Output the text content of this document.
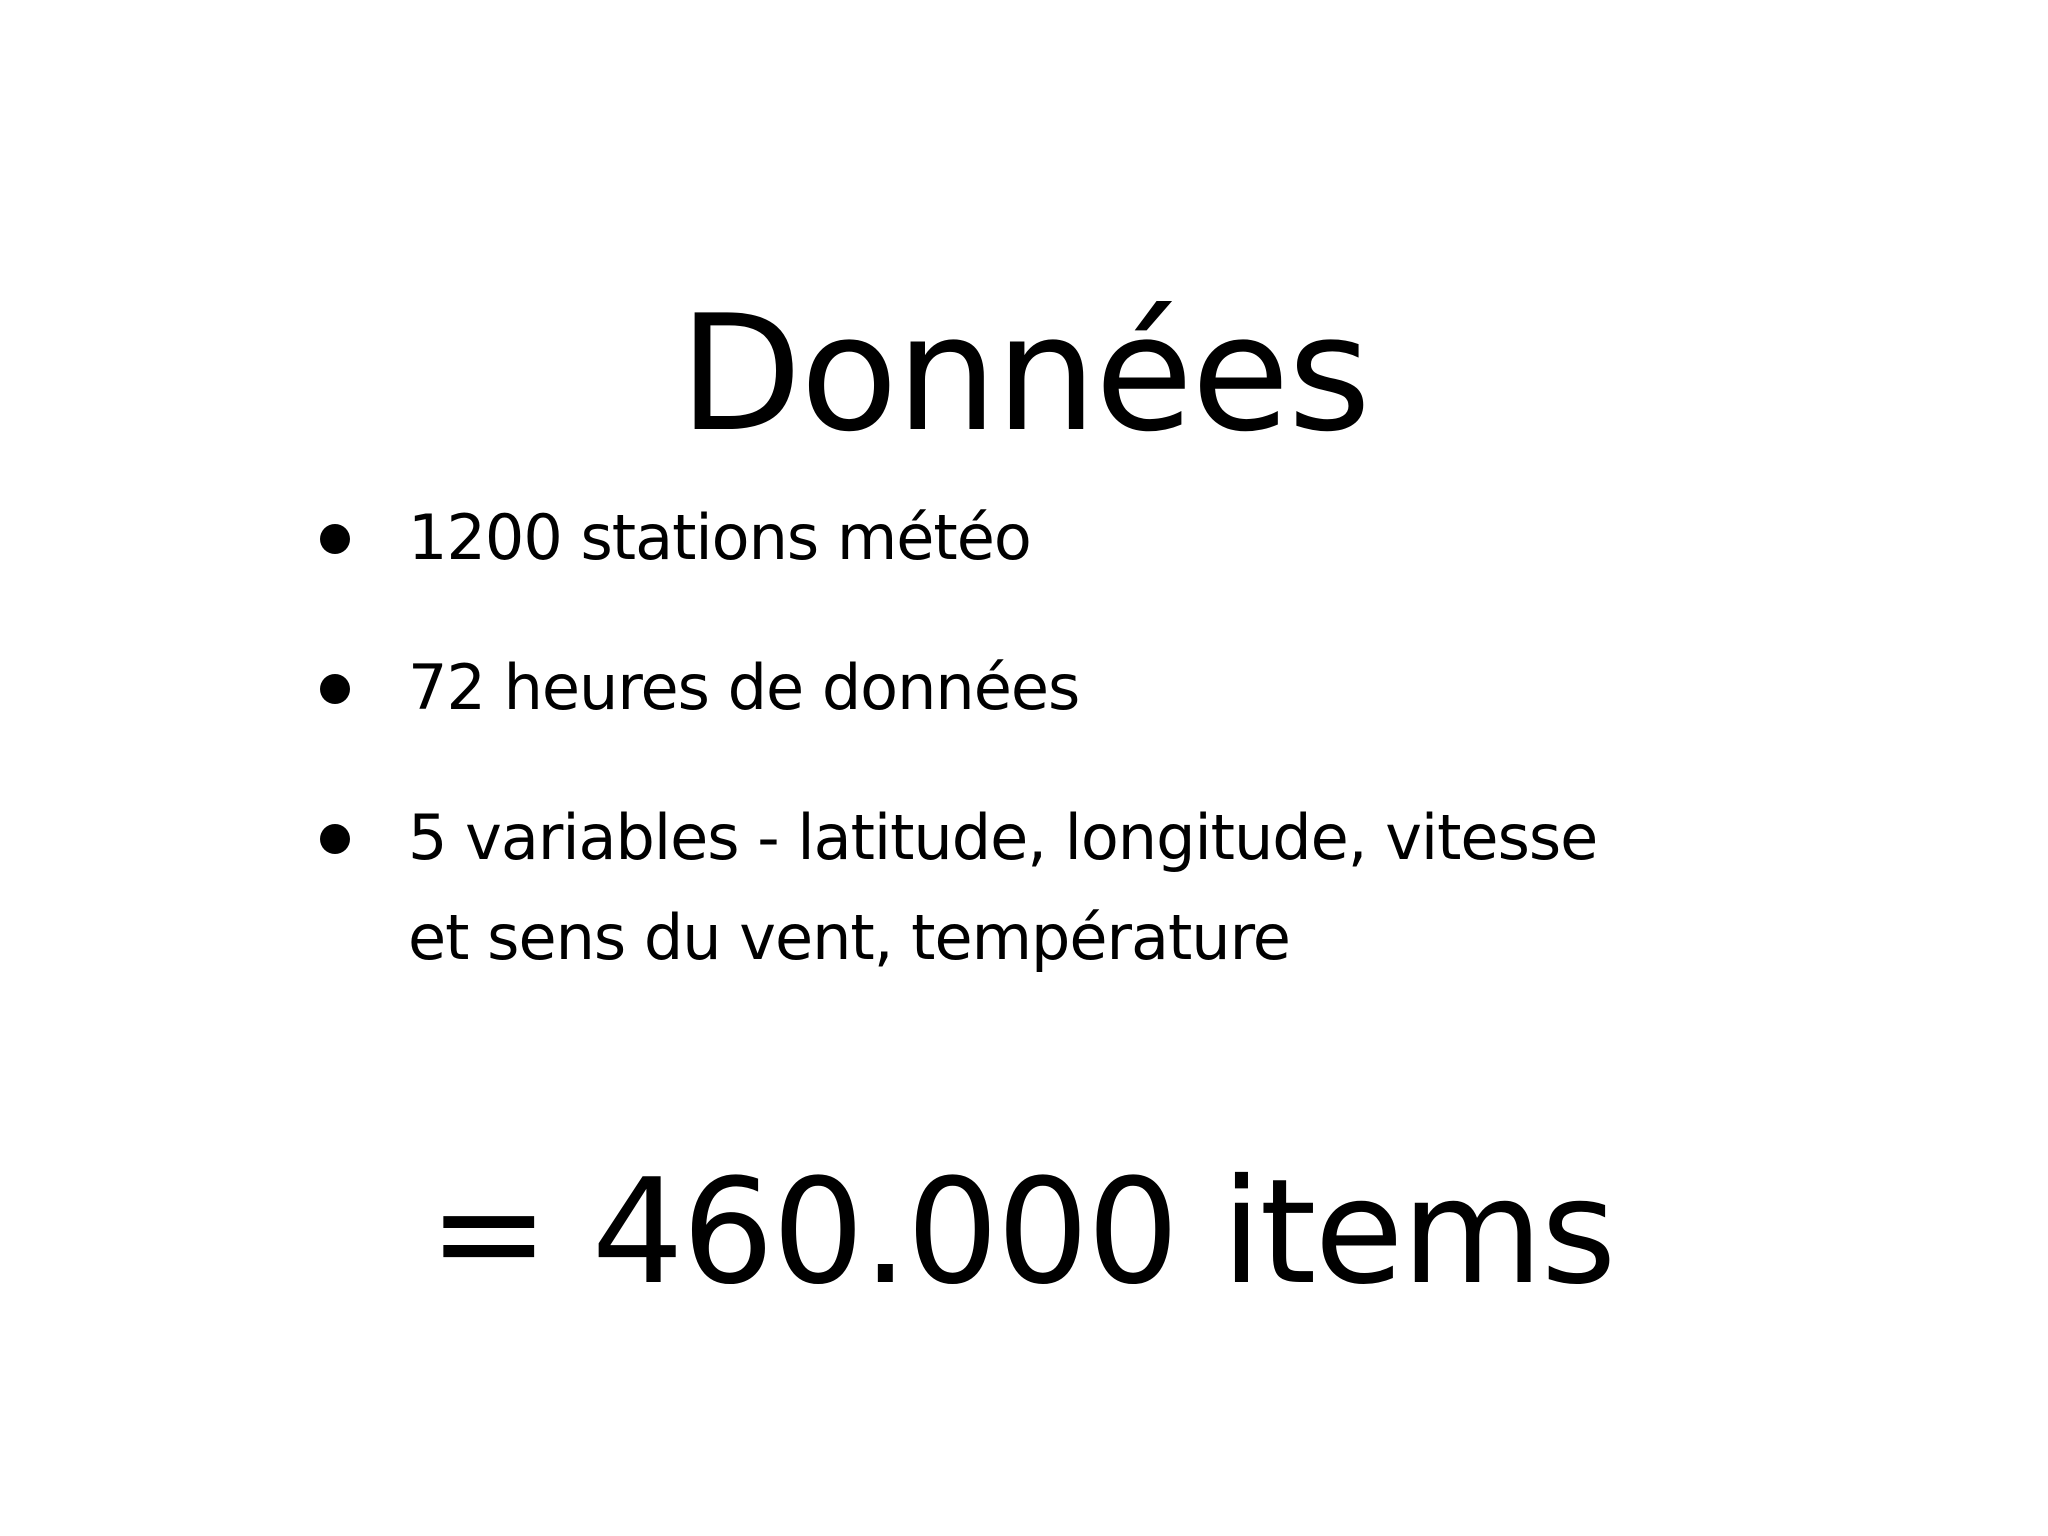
Données
1200 stations météo
72 heures de données
5 variables - latitude, longitude, vitesse
et sens du vent, température
= 460.000 items
